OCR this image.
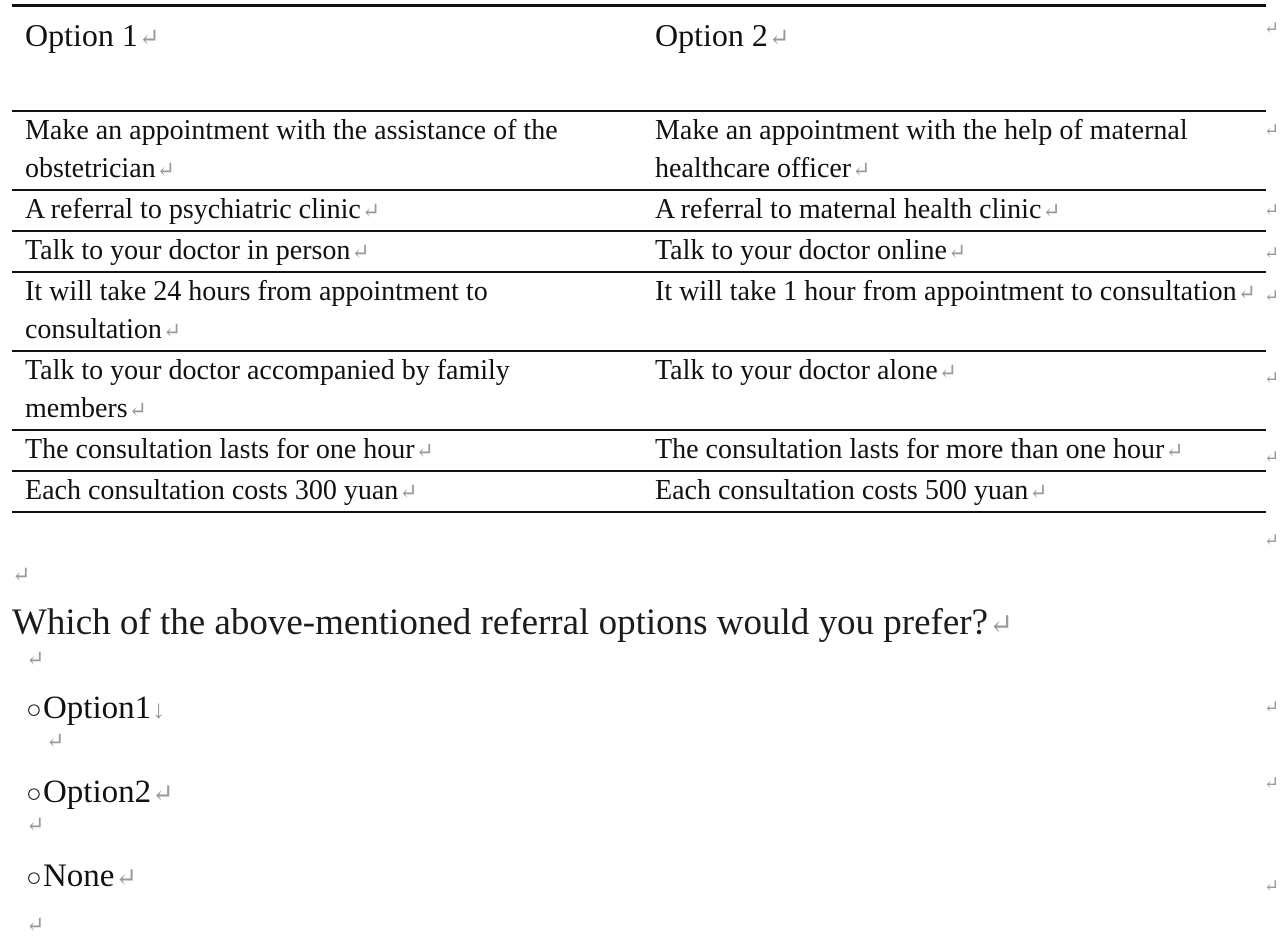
Option 1↵	Option 2↵
Make an appointment with the assistance of the obstetrician↵	Make an appointment with the help of maternal healthcare officer↵
A referral to psychiatric clinic↵	A referral to maternal health clinic↵
Talk to your doctor in person↵	Talk to your doctor online↵
It will take 24 hours from appointment to consultation↵	It will take 1 hour from appointment to consultation↵
Talk to your doctor accompanied by family members↵	Talk to your doctor alone↵
The consultation lasts for one hour↵	The consultation lasts for more than one hour↵
Each consultation costs 300 yuan↵	Each consultation costs 500 yuan↵
↵
↵
↵
↵
↵
↵
↵
↵
↵
↵
↵
↵
Which of the above-mentioned referral options would you prefer?↵
↵
○Option1↓
↵
○Option2↵
↵
○None↵
↵
